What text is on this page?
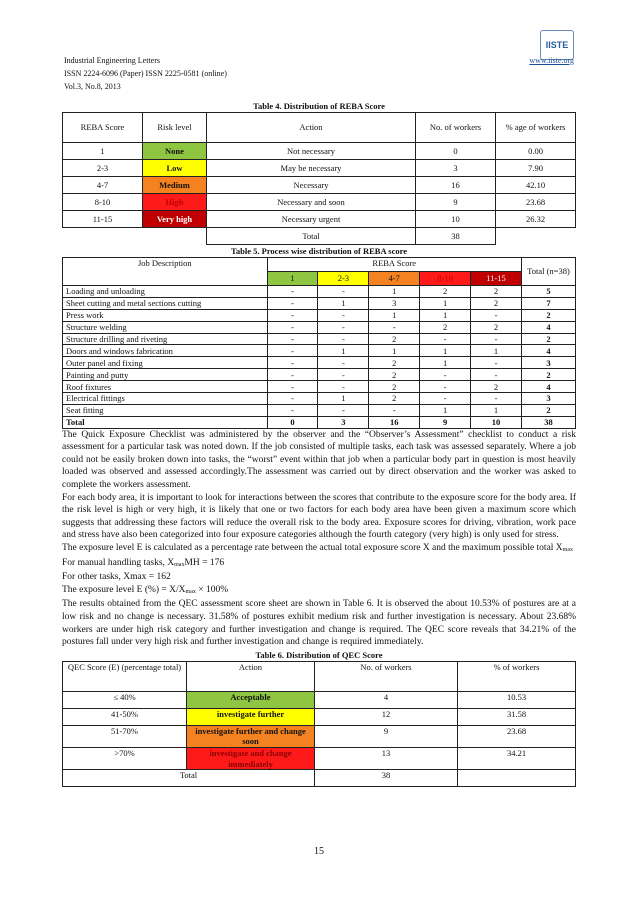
Industrial Engineering Letters
ISSN 2224-6096 (Paper) ISSN 2225-0581 (online)
Vol.3, No.8, 2013
IISTE
www.iiste.org
Table 4. Distribution of REBA Score
REBA Score	Risk level	Action	No. of workers	% age of workers
1	None	Not necessary	0	0.00
2-3	Low	May be necessary	3	7.90
4-7	Medium	Necessary	16	42.10
8-10	High	Necessary and soon	9	23.68
11-15	Very high	Necessary urgent	10	26.32
		Total	38	
Table 5. Process wise distribution of REBA score
Job Description	REBA Score					Total (n=38)
	1	2-3	4-7	8-10	11-15	
Loading and unloading	-	-	1	2	2	5
Sheet cutting and metal sections cutting	-	1	3	1	2	7
Press work	-	-	1	1	-	2
Structure welding	-	-	-	2	2	4
Structure drilling and riveting	-	-	2	-	-	2
Doors and windows fabrication	-	1	1	1	1	4
Outer panel and fixing	-	-	2	1	-	3
Painting and putty	-	-	2	-	-	2
Roof fixtures	-	-	2	-	2	4
Electrical fittings	-	1	2	-	-	3
Seat fitting	-	-	-	1	1	2
Total	0	3	16	9	10	38

The Quick Exposure Checklist was administered by the observer and the “Observer’s Assessment” checklist to conduct a risk assessment for a particular task was noted down. If the job consisted of multiple tasks, each task was assessed separately. Where a job could not be easily broken down into tasks, the “worst” event within that job when a particular body part in question is most heavily loaded was observed and assessed accordingly.The assessment was carried out by direct observation and the worker was asked to complete the workers assessment.

For each body area, it is important to look for interactions between the scores that contribute to the exposure score for the body area. If the risk level is high or very high, it is likely that one or two factors for each body area have been given a maximum score which suggests that addressing these factors will reduce the overall risk to the body area. Exposure scores for driving, vibration, work pace and stress have also been categorized into four exposure categories although the fourth category (very high) is only used for stress.

The exposure level E is calculated as a percentage rate between the actual total exposure score X and the maximum possible total $X_{max}$

For manual handling tasks, $X_{max}MH = 176$

For other tasks, Xmax = 162

The exposure level E (%) = $X/X_{max} \times 100\%$

The results obtained from the QEC assessment score sheet are shown in Table 6. It is observed the about 10.53% of postures are at a low risk and no change is necessary. 31.58% of postures exhibit medium risk and further investigation is necessary. About 23.68% workers are under high risk category and further investigation and change is required. The QEC score reveals that 34.21% of the postures fall under very high risk and further investigation and change is required immediately.

Table 6. Distribution of QEC Score
QEC Score (E) (percentage total)	Action	No. of workers	% of workers
≤ 40%	Acceptable	4	10.53
41-50%	investigate further	12	31.58
51-70%	investigate further and change soon	9	23.68
>70%	investigate and change immediately	13	34.21
Total		38	
15
